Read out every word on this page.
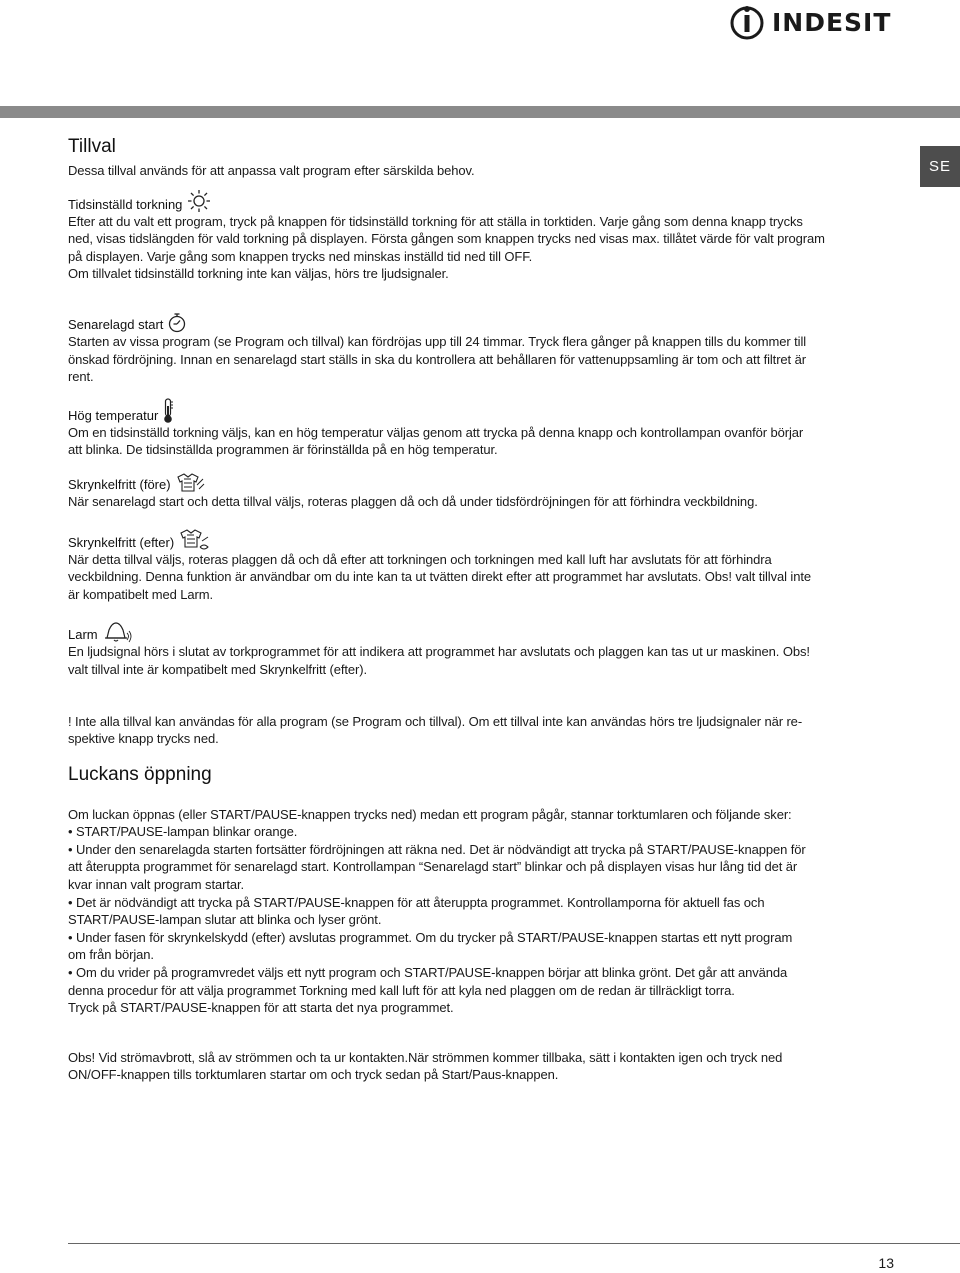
INDESIT
SE
Tillval

Dessa tillval används för att anpassa valt program efter särskilda behov.

Tidsinställd torkning

Efter att du valt ett program, tryck på knappen för tidsinställd torkning för att ställa in torktiden. Varje gång som denna knapp trycks

ned, visas tidslängden för vald torkning på displayen. Första gången som knappen trycks ned visas max. tillåtet värde för valt program

på displayen. Varje gång som knappen trycks ned minskas inställd tid ned till OFF.

Om tillvalet tidsinställd torkning inte kan väljas, hörs tre ljudsignaler.

Senarelagd start

Starten av vissa program (se Program och tillval) kan fördröjas upp till 24 timmar. Tryck flera gånger på knappen tills du kommer till

önskad fördröjning. Innan en senarelagd start ställs in ska du kontrollera att behållaren för vattenuppsamling är tom och att filtret är

rent.

Hög temperatur

Om en tidsinställd torkning väljs, kan en hög temperatur väljas genom att trycka på denna knapp och kontrollampan ovanför börjar

att blinka. De tidsinställda programmen är förinställda på en hög temperatur.

Skrynkelfritt (före)

När senarelagd start och detta tillval väljs, roteras plaggen då och då under tidsfördröjningen för att förhindra veckbildning.

Skrynkelfritt (efter)

När detta tillval väljs, roteras plaggen då och då efter att torkningen och torkningen med kall luft har avslutats för att förhindra

veckbildning. Denna funktion är användbar om du inte kan ta ut tvätten direkt efter att programmet har avslutats. Obs! valt tillval inte

är kompatibelt med Larm.

Larm

En ljudsignal hörs i slutat av torkprogrammet för att indikera att programmet har avslutats och plaggen kan tas ut ur maskinen. Obs!

valt tillval inte är kompatibelt med Skrynkelfritt (efter).

! Inte alla tillval kan användas för alla program (se Program och tillval). Om ett tillval inte kan användas hörs tre ljudsignaler när re-

spektive knapp trycks ned.

Luckans öppning

Om luckan öppnas (eller START/PAUSE-knappen trycks ned) medan ett program pågår, stannar torktumlaren och följande sker:

• START/PAUSE-lampan blinkar orange.

• Under den senarelagda starten fortsätter fördröjningen att räkna ned. Det är nödvändigt att trycka på START/PAUSE-knappen för

att återuppta programmet för senarelagd start. Kontrollampan “Senarelagd start” blinkar och på displayen visas hur lång tid det är

kvar innan valt program startar.

• Det är nödvändigt att trycka på START/PAUSE-knappen för att återuppta programmet. Kontrollamporna för aktuell fas och

START/PAUSE-lampan slutar att blinka och lyser grönt.

• Under fasen för skrynkelskydd (efter) avslutas programmet. Om du trycker på START/PAUSE-knappen startas ett nytt program

om från början.

• Om du vrider på programvredet väljs ett nytt program och START/PAUSE-knappen börjar att blinka grönt. Det går att använda

denna procedur för att välja programmet Torkning med kall luft för att kyla ned plaggen om de redan är tillräckligt torra.

Tryck på START/PAUSE-knappen för att starta det nya programmet.

Obs! Vid strömavbrott, slå av strömmen och ta ur kontakten.När strömmen kommer tillbaka, sätt i kontakten igen och tryck ned

ON/OFF-knappen tills torktumlaren startar om och tryck sedan på Start/Paus-knappen.

13
